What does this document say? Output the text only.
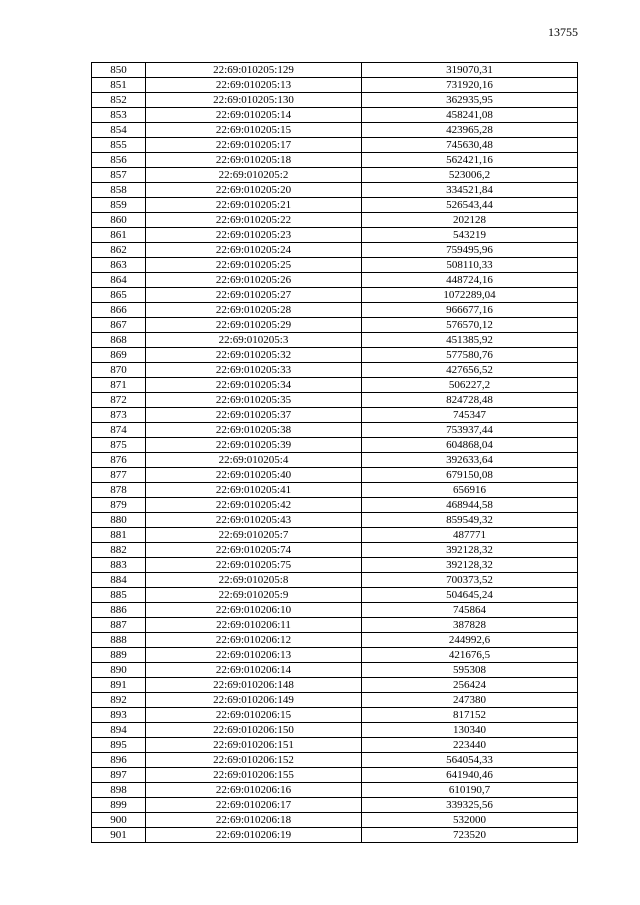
13755
850	22:69:010205:129	319070,31
851	22:69:010205:13	731920,16
852	22:69:010205:130	362935,95
853	22:69:010205:14	458241,08
854	22:69:010205:15	423965,28
855	22:69:010205:17	745630,48
856	22:69:010205:18	562421,16
857	22:69:010205:2	523006,2
858	22:69:010205:20	334521,84
859	22:69:010205:21	526543,44
860	22:69:010205:22	202128
861	22:69:010205:23	543219
862	22:69:010205:24	759495,96
863	22:69:010205:25	508110,33
864	22:69:010205:26	448724,16
865	22:69:010205:27	1072289,04
866	22:69:010205:28	966677,16
867	22:69:010205:29	576570,12
868	22:69:010205:3	451385,92
869	22:69:010205:32	577580,76
870	22:69:010205:33	427656,52
871	22:69:010205:34	506227,2
872	22:69:010205:35	824728,48
873	22:69:010205:37	745347
874	22:69:010205:38	753937,44
875	22:69:010205:39	604868,04
876	22:69:010205:4	392633,64
877	22:69:010205:40	679150,08
878	22:69:010205:41	656916
879	22:69:010205:42	468944,58
880	22:69:010205:43	859549,32
881	22:69:010205:7	487771
882	22:69:010205:74	392128,32
883	22:69:010205:75	392128,32
884	22:69:010205:8	700373,52
885	22:69:010205:9	504645,24
886	22:69:010206:10	745864
887	22:69:010206:11	387828
888	22:69:010206:12	244992,6
889	22:69:010206:13	421676,5
890	22:69:010206:14	595308
891	22:69:010206:148	256424
892	22:69:010206:149	247380
893	22:69:010206:15	817152
894	22:69:010206:150	130340
895	22:69:010206:151	223440
896	22:69:010206:152	564054,33
897	22:69:010206:155	641940,46
898	22:69:010206:16	610190,7
899	22:69:010206:17	339325,56
900	22:69:010206:18	532000
901	22:69:010206:19	723520
